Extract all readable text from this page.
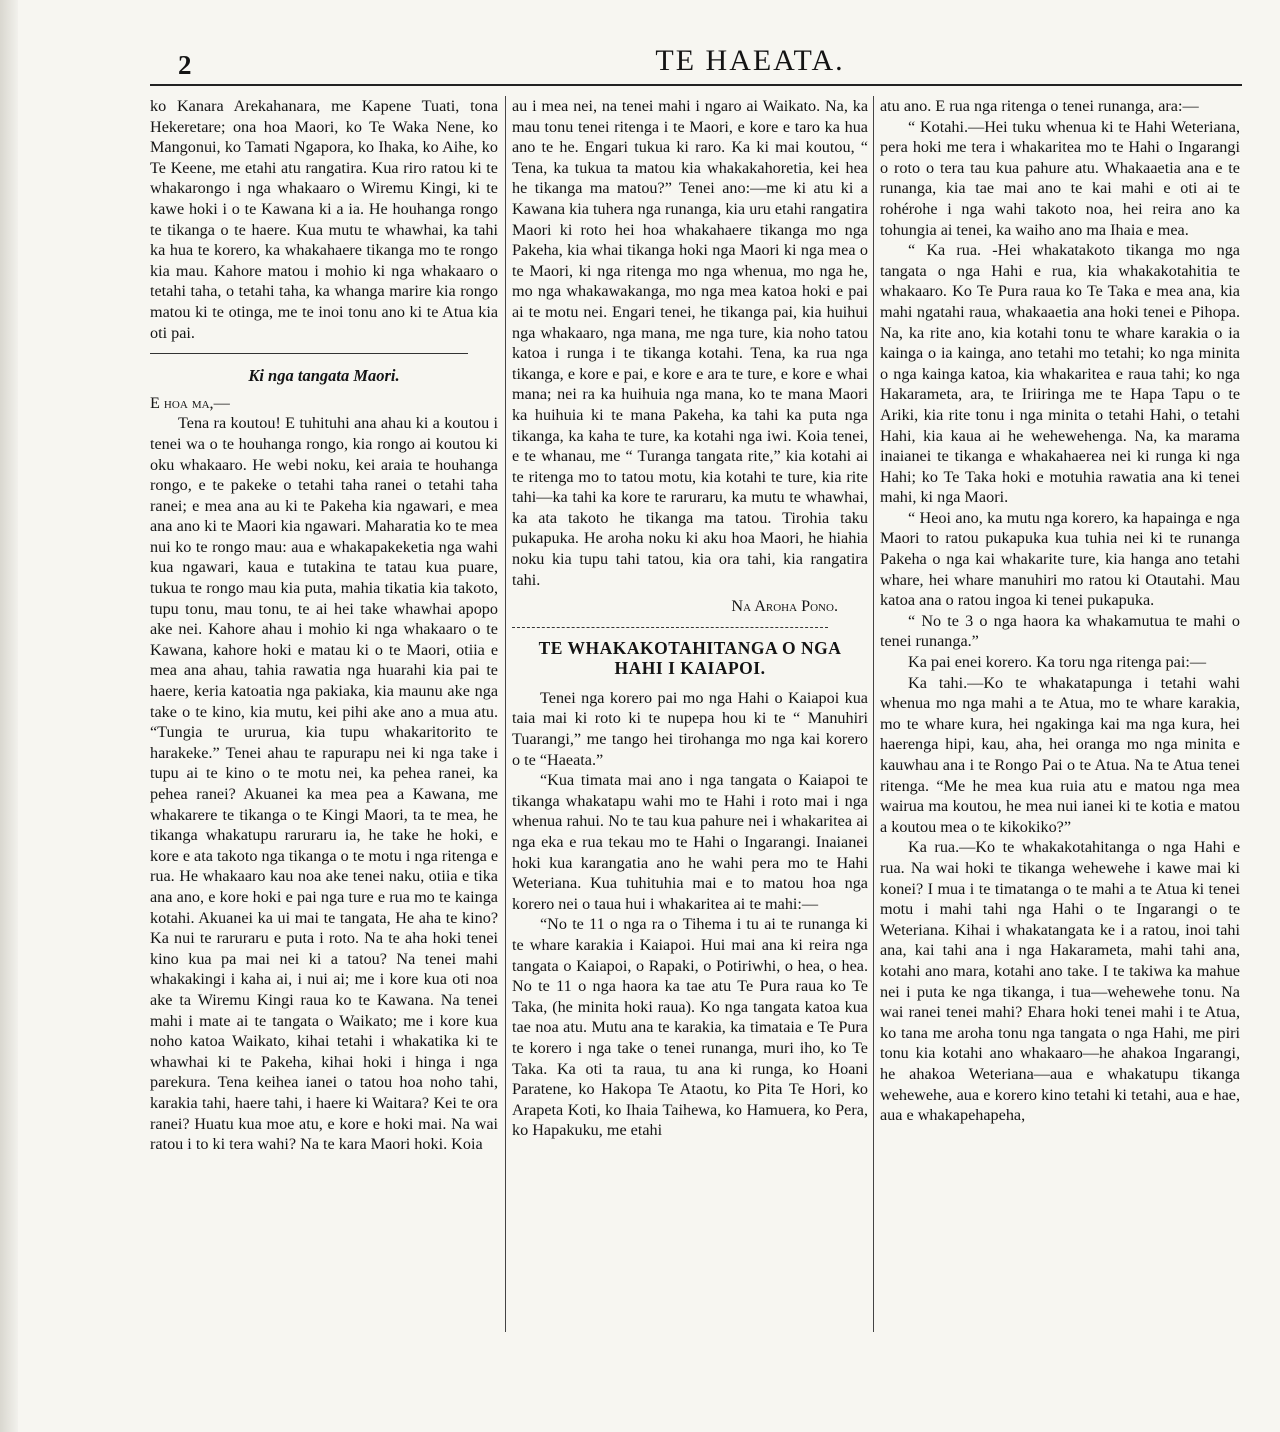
2	TE HAEATA.

ko Kanara Arekahanara, me Kapene Tuati, tona Hekeretare; ona hoa Maori, ko Te Waka Nene, ko Mangonui, ko Tamati Ngapora, ko Ihaka, ko Aihe, ko Te Keene, me etahi atu rangatira. Kua riro ratou ki te whakarongo i nga whakaaro o Wiremu Kingi, ki te kawe hoki i o te Kawana ki a ia. He houhanga rongo te tikanga o te haere. Kua mutu te whawhai, ka tahi ka hua te korero, ka whakahaere tikanga mo te rongo kia mau. Kahore matou i mohio ki nga whakaaro o tetahi taha, o tetahi taha, ka whanga marire kia rongo matou ki te otinga, me te inoi tonu ano ki te Atua kia oti pai.

Ki nga tangata Maori.

E hoa ma,—

Tena ra koutou! E tuhituhi ana ahau ki a koutou i tenei wa o te houhanga rongo, kia rongo ai koutou ki oku whakaaro. He webi noku, kei araia te houhanga rongo, e te pakeke o tetahi taha ranei o tetahi taha ranei; e mea ana au ki te Pakeha kia ngawari, e mea ana ano ki te Maori kia ngawari. Maharatia ko te mea nui ko te rongo mau: aua e whakapakeketia nga wahi kua ngawari, kaua e tutakina te tatau kua puare, tukua te rongo mau kia puta, mahia tikatia kia takoto, tupu tonu, mau tonu, te ai hei take whawhai apopo ake nei. Kahore ahau i mohio ki nga whakaaro o te Kawana, kahore hoki e matau ki o te Maori, otiia e mea ana ahau, tahia rawatia nga huarahi kia pai te haere, keria katoatia nga pakiaka, kia maunu ake nga take o te kino, kia mutu, kei pihi ake ano a mua atu. “Tungia te ururua, kia tupu whakaritorito te harakeke.” Tenei ahau te rapurapu nei ki nga take i tupu ai te kino o te motu nei, ka pehea ranei, ka pehea ranei? Akuanei ka mea pea a Kawana, me whakarere te tikanga o te Kingi Maori, ta te mea, he tikanga whakatupu raruraru ia, he take he hoki, e kore e ata takoto nga tikanga o te motu i nga ritenga e rua. He whakaaro kau noa ake tenei naku, otiia e tika ana ano, e kore hoki e pai nga ture e rua mo te kainga kotahi. Akuanei ka ui mai te tangata, He aha te kino? Ka nui te raruraru e puta i roto. Na te aha hoki tenei kino kua pa mai nei ki a tatou? Na tenei mahi whakakingi i kaha ai, i nui ai; me i kore kua oti noa ake ta Wiremu Kingi raua ko te Kawana. Na tenei mahi i mate ai te tangata o Waikato; me i kore kua noho katoa Waikato, kihai tetahi i whakatika ki te whawhai ki te Pakeha, kihai hoki i hinga i nga parekura. Tena keihea ianei o tatou hoa noho tahi, karakia tahi, haere tahi, i haere ki Waitara? Kei te ora ranei? Huatu kua moe atu, e kore e hoki mai. Na wai ratou i to ki tera wahi? Na te kara Maori hoki. Koia

au i mea nei, na tenei mahi i ngaro ai Waikato. Na, ka mau tonu tenei ritenga i te Maori, e kore e taro ka hua ano te he. Engari tukua ki raro. Ka ki mai koutou, “ Tena, ka tukua ta matou kia whakakahoretia, kei hea he tikanga ma matou?” Tenei ano:—me ki atu ki a Kawana kia tuhera nga runanga, kia uru etahi rangatira Maori ki roto hei hoa whakahaere tikanga mo nga Pakeha, kia whai tikanga hoki nga Maori ki nga mea o te Maori, ki nga ritenga mo nga whenua, mo nga he, mo nga whakawakanga, mo nga mea katoa hoki e pai ai te motu nei. Engari tenei, he tikanga pai, kia huihui nga whakaaro, nga mana, me nga ture, kia noho tatou katoa i runga i te tikanga kotahi. Tena, ka rua nga tikanga, e kore e pai, e kore e ara te ture, e kore e whai mana; nei ra ka huihuia nga mana, ko te mana Maori ka huihuia ki te mana Pakeha, ka tahi ka puta nga tikanga, ka kaha te ture, ka kotahi nga iwi. Koia tenei, e te whanau, me “ Turanga tangata rite,” kia kotahi ai te ritenga mo to tatou motu, kia kotahi te ture, kia rite tahi—ka tahi ka kore te raruraru, ka mutu te whawhai, ka ata takoto he tikanga ma tatou. Tirohia taku pukapuka. He aroha noku ki aku hoa Maori, he hiahia noku kia tupu tahi tatou, kia ora tahi, kia rangatira tahi.

Na Aroha Pono.

TE WHAKAKOTAHITANGA O NGA
HAHI I KAIAPOI.

Tenei nga korero pai mo nga Hahi o Kaiapoi kua taia mai ki roto ki te nupepa hou ki te “ Manuhiri Tuarangi,” me tango hei tirohanga mo nga kai korero o te “Haeata.”

“Kua timata mai ano i nga tangata o Kaiapoi te tikanga whakatapu wahi mo te Hahi i roto mai i nga whenua rahui. No te tau kua pahure nei i whakaritea ai nga eka e rua tekau mo te Hahi o Ingarangi. Inaianei hoki kua karangatia ano he wahi pera mo te Hahi Weteriana. Kua tuhituhia mai e to matou hoa nga korero nei o taua hui i whakaritea ai te mahi:—

“No te 11 o nga ra o Tihema i tu ai te runanga ki te whare karakia i Kaiapoi. Hui mai ana ki reira nga tangata o Kaiapoi, o Rapaki, o Potiriwhi, o hea, o hea. No te 11 o nga haora ka tae atu Te Pura raua ko Te Taka, (he minita hoki raua). Ko nga tangata katoa kua tae noa atu. Mutu ana te karakia, ka timataia e Te Pura te korero i nga take o tenei runanga, muri iho, ko Te Taka. Ka oti ta raua, tu ana ki runga, ko Hoani Paratene, ko Hakopa Te Ataotu, ko Pita Te Hori, ko Arapeta Koti, ko Ihaia Taihewa, ko Hamuera, ko Pera, ko Hapakuku, me etahi

atu ano. E rua nga ritenga o tenei runanga, ara:—

“ Kotahi.—Hei tuku whenua ki te Hahi Weteriana, pera hoki me tera i whakaritea mo te Hahi o Ingarangi o roto o tera tau kua pahure atu. Whakaaetia ana e te runanga, kia tae mai ano te kai mahi e oti ai te rohérohe i nga wahi takoto noa, hei reira ano ka tohungia ai tenei, ka waiho ano ma Ihaia e mea.

“ Ka rua. -Hei whakatakoto tikanga mo nga tangata o nga Hahi e rua, kia whakakotahitia te whakaaro. Ko Te Pura raua ko Te Taka e mea ana, kia mahi ngatahi raua, whakaaetia ana hoki tenei e Pihopa. Na, ka rite ano, kia kotahi tonu te whare karakia o ia kainga o ia kainga, ano tetahi mo tetahi; ko nga minita o nga kainga katoa, kia whakaritea e raua tahi; ko nga Hakarameta, ara, te Iriiringa me te Hapa Tapu o te Ariki, kia rite tonu i nga minita o tetahi Hahi, o tetahi Hahi, kia kaua ai he wehewehenga. Na, ka marama inaianei te tikanga e whakahaerea nei ki runga ki nga Hahi; ko Te Taka hoki e motuhia rawatia ana ki tenei mahi, ki nga Maori.

“ Heoi ano, ka mutu nga korero, ka hapainga e nga Maori to ratou pukapuka kua tuhia nei ki te runanga Pakeha o nga kai whakarite ture, kia hanga ano tetahi whare, hei whare manuhiri mo ratou ki Otautahi. Mau katoa ana o ratou ingoa ki tenei pukapuka.

“ No te 3 o nga haora ka whakamutua te mahi o tenei runanga.”

Ka pai enei korero. Ka toru nga ritenga pai:—

Ka tahi.—Ko te whakatapunga i tetahi wahi whenua mo nga mahi a te Atua, mo te whare karakia, mo te whare kura, hei ngakinga kai ma nga kura, hei haerenga hipi, kau, aha, hei oranga mo nga minita e kauwhau ana i te Rongo Pai o te Atua. Na te Atua tenei ritenga. “Me he mea kua ruia atu e matou nga mea wairua ma koutou, he mea nui ianei ki te kotia e matou a koutou mea o te kikokiko?”

Ka rua.—Ko te whakakotahitanga o nga Hahi e rua. Na wai hoki te tikanga wehewehe i kawe mai ki konei? I mua i te timatanga o te mahi a te Atua ki tenei motu i mahi tahi nga Hahi o te Ingarangi o te Weteriana. Kihai i whakatangata ke i a ratou, inoi tahi ana, kai tahi ana i nga Hakarameta, mahi tahi ana, kotahi ano mara, kotahi ano take. I te takiwa ka mahue nei i puta ke nga tikanga, i tua—wehewehe tonu. Na wai ranei tenei mahi? Ehara hoki tenei mahi i te Atua, ko tana me aroha tonu nga tangata o nga Hahi, me piri tonu kia kotahi ano whakaaro—he ahakoa Ingarangi, he ahakoa Weteriana—aua e whakatupu tikanga wehewehe, aua e korero kino tetahi ki tetahi, aua e hae, aua e whakapehapeha,
